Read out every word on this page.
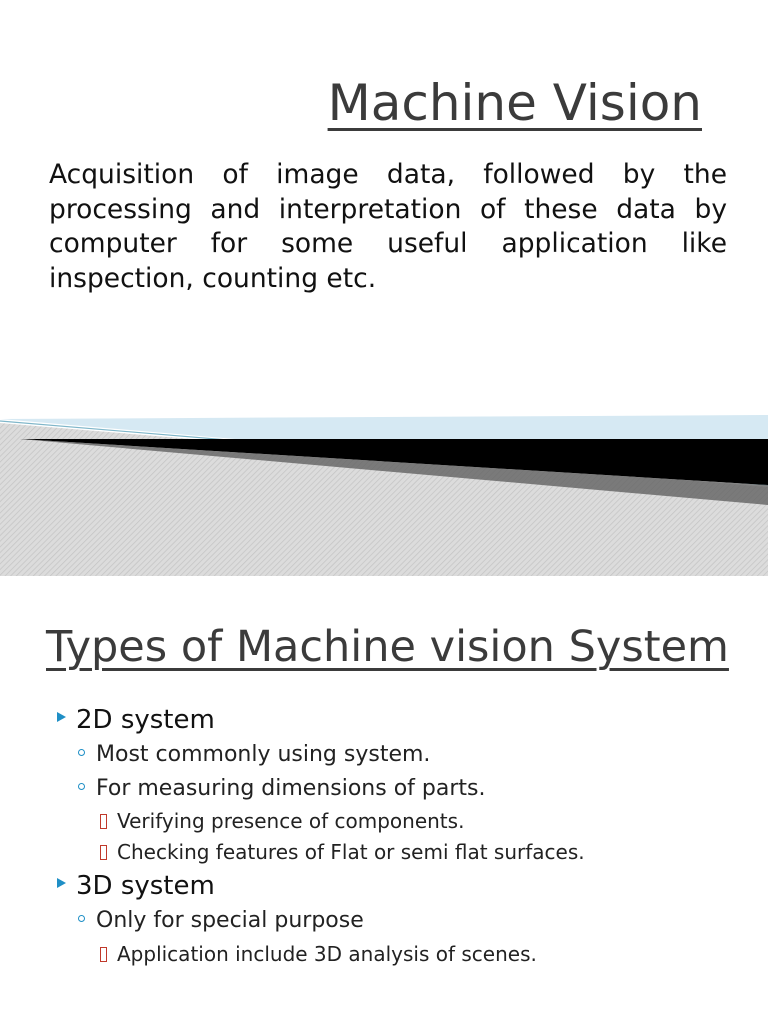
Machine Vision

Acquisition of image data, followed by the processing and interpretation of these data by computer for some useful application like inspection, counting etc.

Types of Machine vision System
2D system
Most commonly using system.
For measuring dimensions of parts.
Verifying presence of components.
Checking features of Flat or semi flat surfaces.
3D system
Only for special purpose
Application include 3D analysis of scenes.
